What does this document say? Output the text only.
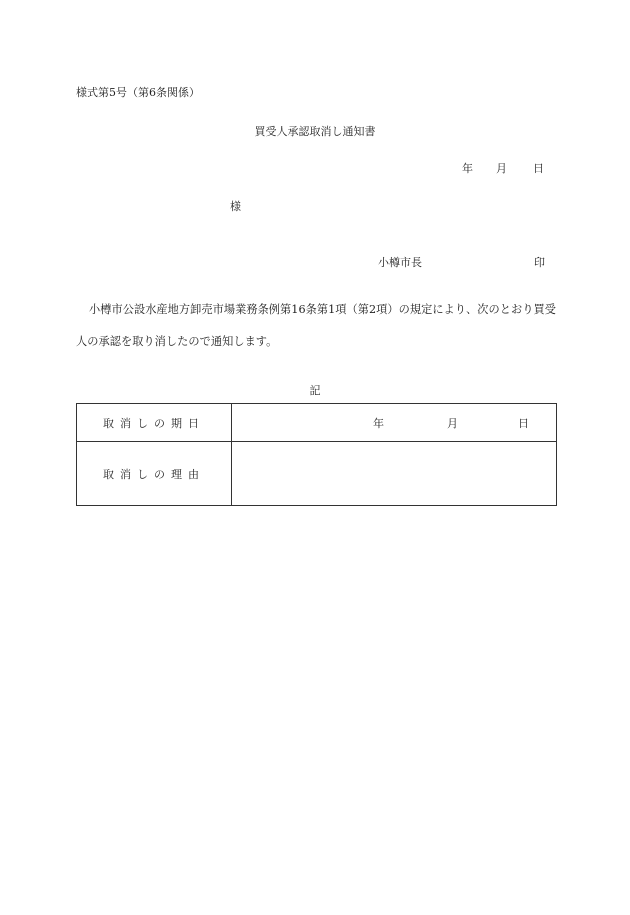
様式第5号（第6条関係）
買受人承認取消し通知書
年 月 日
様
小樽市長	印
小樽市公設水産地方卸売市場業務条例第16条第1項（第2項）の規定により、次のとおり買受人の承認を取り消したので通知します。
記
取消しの期日	年 月 日

取消しの理由	
